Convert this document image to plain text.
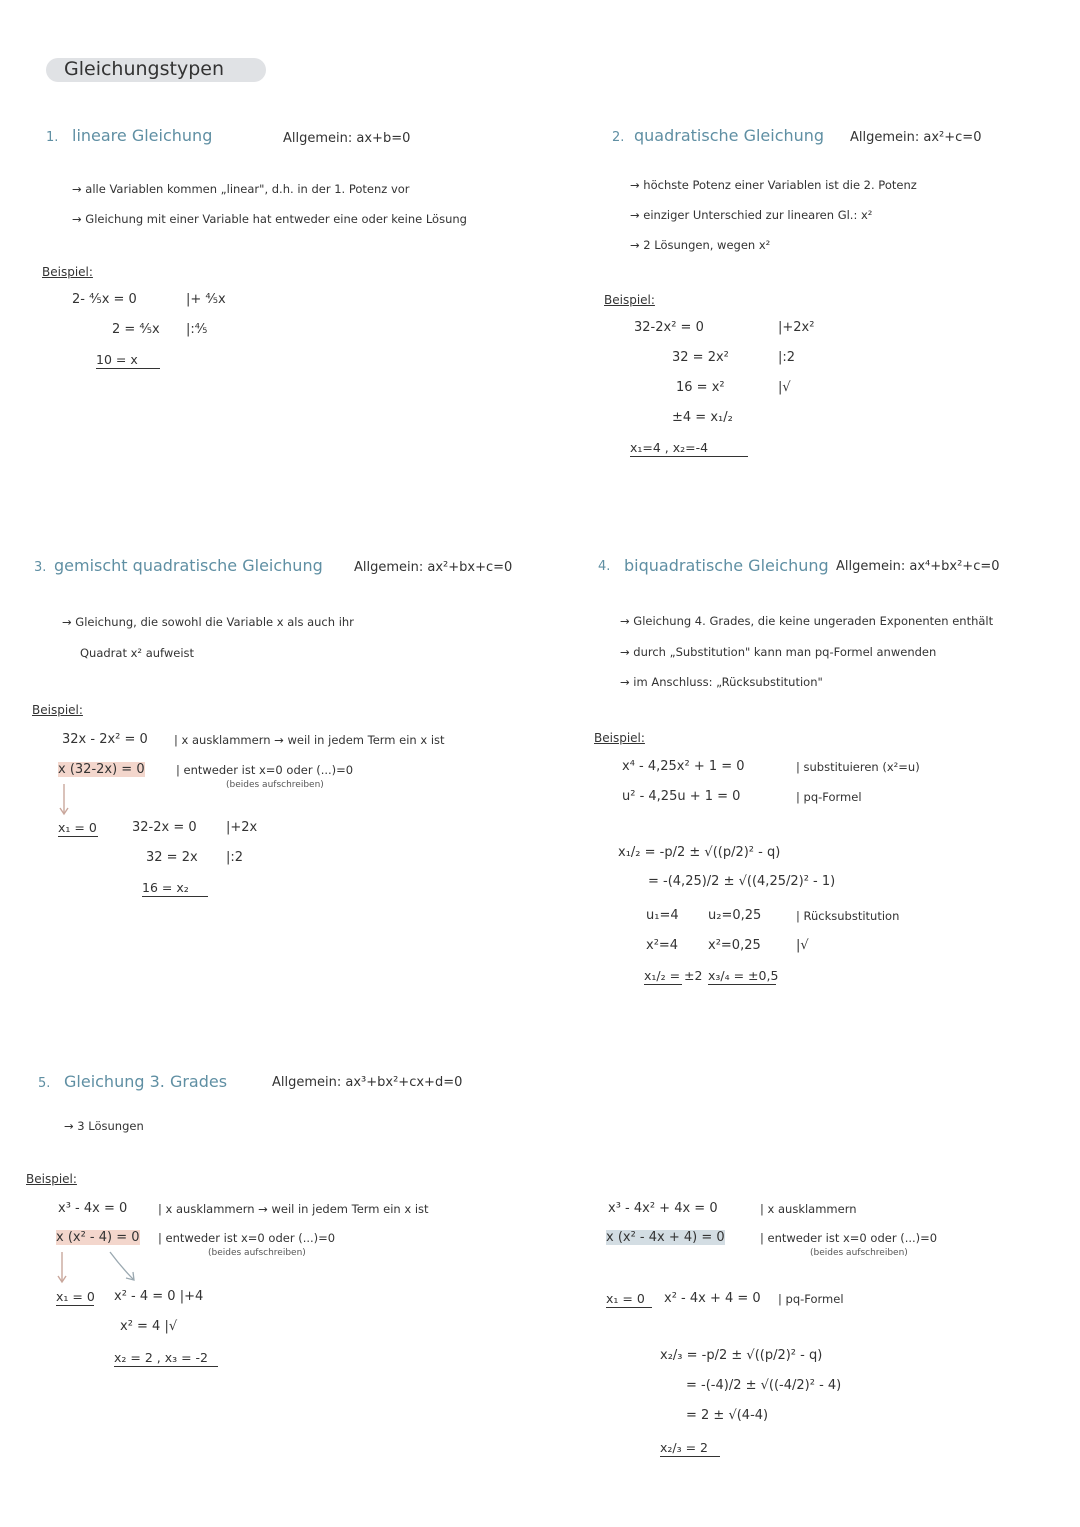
Gleichungstypen
1. lineare Gleichung	Allgemein: ax+b=0
→ alle Variablen kommen „linear", d.h. in der 1. Potenz vor
→ Gleichung mit einer Variable hat entweder eine oder keine Lösung
Beispiel:
2- ⅘x = 0	|+ ⅘x
2 = ⅘x |:⅘
10 = x
2. quadratische Gleichung Allgemein: ax²+c=0
→ höchste Potenz einer Variablen ist die 2. Potenz
→ einziger Unterschied zur linearen Gl.: x²
→ 2 Lösungen, wegen x²
Beispiel:
32-2x² = 0	|+2x²
32 = 2x²	|:2
16 = x²	|√
±4 = x₁/₂
x₁=4 , x₂=-4
3. gemischt quadratische Gleichung Allgemein: ax²+bx+c=0
→ Gleichung, die sowohl die Variable x als auch ihr
Quadrat x² aufweist
Beispiel:
32x - 2x² = 0 | x ausklammern → weil in jedem Term ein x ist
x (32-2x) = 0	| entweder ist x=0 oder (...)=0
(beides aufschreiben)
x₁ = 0	32-2x = 0 |+2x
32 = 2x |:2
16 = x₂
4. biquadratische Gleichung Allgemein: ax⁴+bx²+c=0
→ Gleichung 4. Grades, die keine ungeraden Exponenten enthält
→ durch „Substitution" kann man pq-Formel anwenden
→ im Anschluss: „Rücksubstitution"
Beispiel:
x⁴ - 4,25x² + 1 = 0	| substituieren (x²=u)
u² - 4,25u + 1 = 0	| pq-Formel
x₁/₂ = -p/2 ± √((p/2)² - q)
= -(4,25)/2 ± √((4,25/2)² - 1)
u₁=4 u₂=0,25	| Rücksubstitution
x²=4 x²=0,25	|√
x₁/₂ = ±2 x₃/₄ = ±0,5
5. Gleichung 3. Grades	Allgemein: ax³+bx²+cx+d=0
→ 3 Lösungen
Beispiel:
x³ - 4x = 0	| x ausklammern → weil in jedem Term ein x ist
x (x² - 4) = 0 | entweder ist x=0 oder (...)=0
(beides aufschreiben)
x₁ = 0 x² - 4 = 0 |+4
x² = 4 |√
x₂ = 2 , x₃ = -2
x³ - 4x² + 4x = 0	| x ausklammern
x (x² - 4x + 4) = 0	| entweder ist x=0 oder (...)=0
(beides aufschreiben)
x₁ = 0	x² - 4x + 4 = 0 | pq-Formel
x₂/₃ = -p/2 ± √((p/2)² - q)
= -(-4)/2 ± √((-4/2)² - 4)
= 2 ± √(4-4)
x₂/₃ = 2
